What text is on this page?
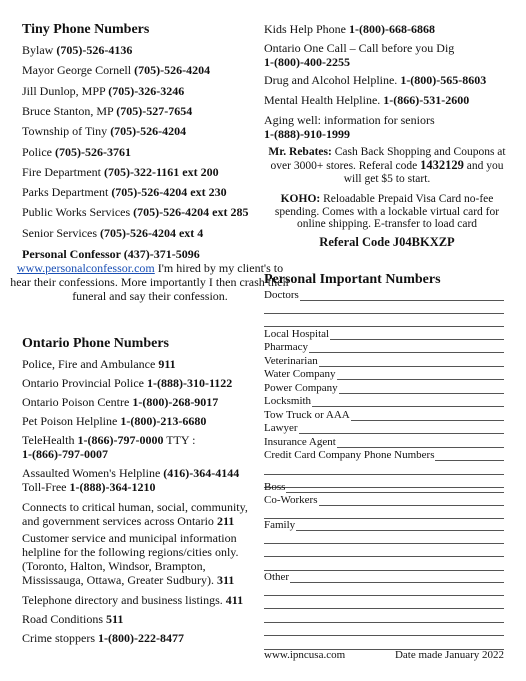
Tiny Phone Numbers

Bylaw (705)-526-4136

Mayor George Cornell (705)-526-4204

Jill Dunlop, MPP (705)-326-3246

Bruce Stanton, MP (705)-527-7654

Township of Tiny (705)-526-4204

Police (705)-526-3761

Fire Department (705)-322-1161 ext 200

Parks Department (705)-526-4204 ext 230

Public Works Services (705)-526-4204 ext 285

Senior Services (705)-526-4204 ext 4

Personal Confessor (437)-371-5096
www.personalconfessor.com I'm hired by my client's to hear their confessions. More importantly I then crash their funeral and say their confession.
Ontario Phone Numbers

Police, Fire and Ambulance 911

Ontario Provincial Police 1-(888)-310-1122

Ontario Poison Centre 1-(800)-268-9017

Pet Poison Helpline 1-(800)-213-6680

TeleHealth 1-(866)-797-0000 TTY :
1-(866)-797-0007

Assaulted Women's Helpline (416)-364-4144
Toll-Free 1-(888)-364-1210

Connects to critical human, social, community, and government services across Ontario 211

Customer service and municipal information helpline for the following regions/cities only. (Toronto, Halton, Windsor, Brampton, Mississauga, Ottawa, Greater Sudbury). 311

Telephone directory and business listings. 411

Road Conditions 511

Crime stoppers 1-(800)-222-8477

Kids Help Phone 1-(800)-668-6868

Ontario One Call – Call before you Dig
1-(800)-400-2255

Drug and Alcohol Helpline. 1-(800)-565-8603

Mental Health Helpline. 1-(866)-531-2600

Aging well: information for seniors
1-(888)-910-1999

Mr. Rebates: Cash Back Shopping and Coupons at over 3000+ stores. Referal code 1432129 and you will get $5 to start.
KOHO: Reloadable Prepaid Visa Card no-fee spending. Comes with a lockable virtual card for online shipping. E-transfer to load card
Referal Code J04BKXZP
Personal Important Numbers
Doctors
Local Hospital
Pharmacy
Veterinarian
Water Company
Power Company
Locksmith
Tow Truck or AAA
Lawyer
Insurance Agent
Credit Card Company Phone Numbers
Boss
Co-Workers
Family
Other
www.ipncusa.com	Date made January 2022
